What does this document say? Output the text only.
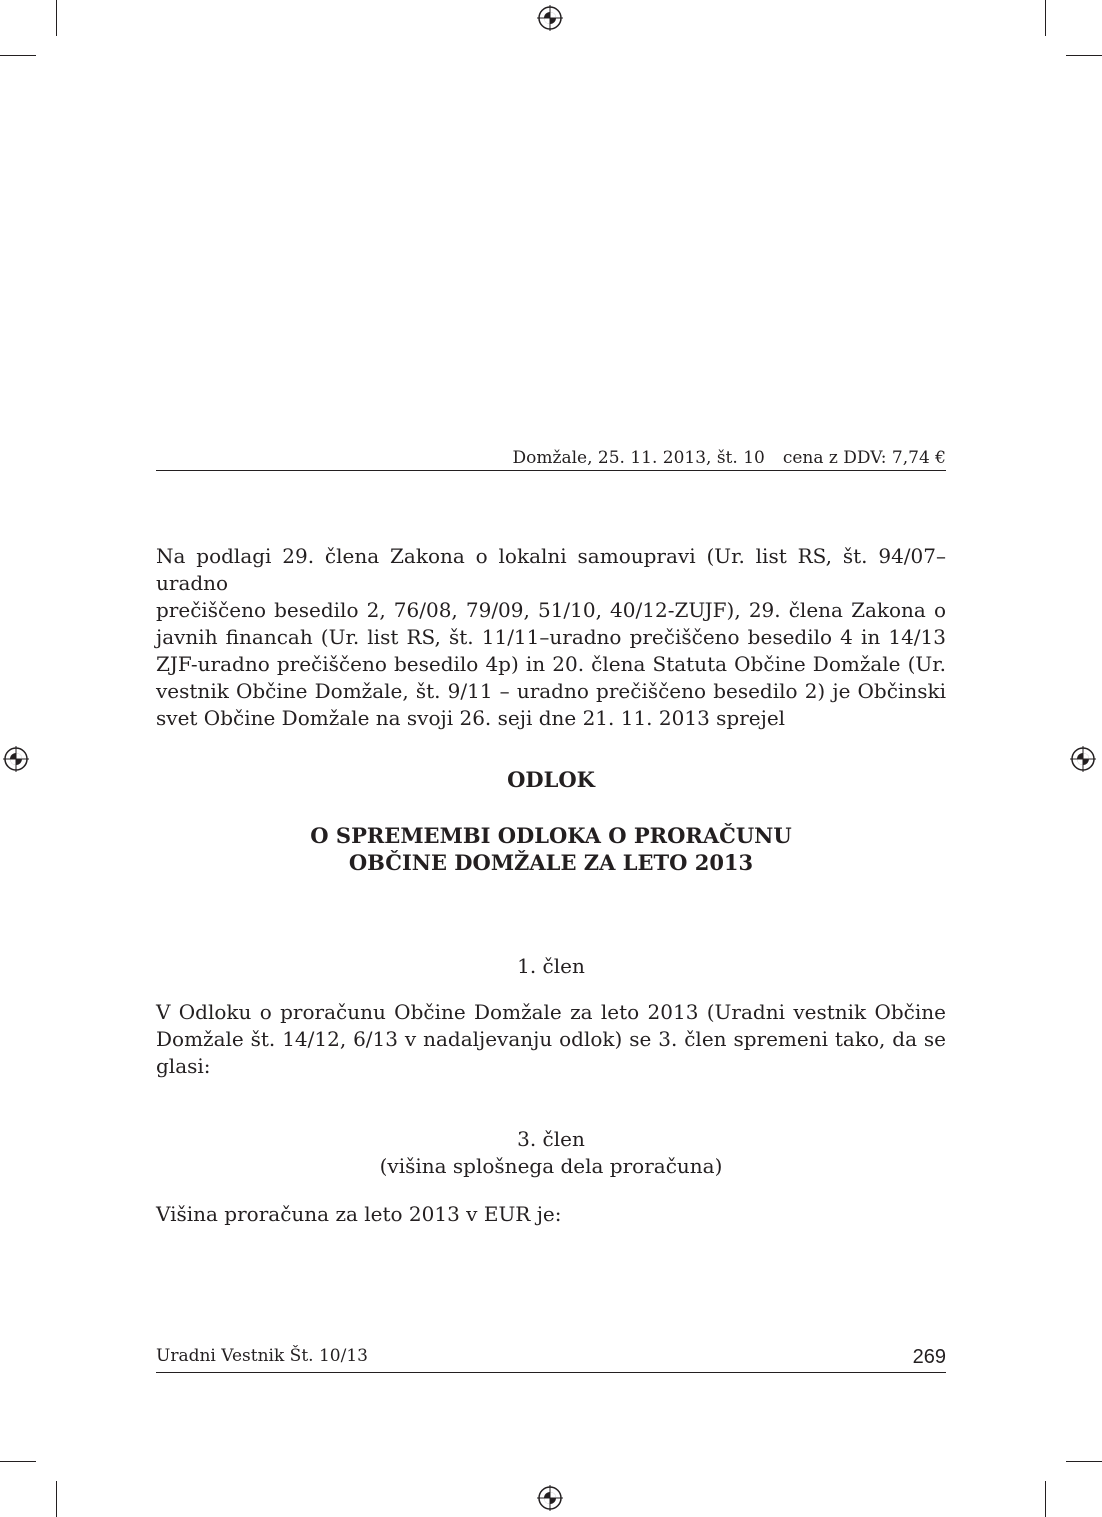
Domžale, 25. 11. 2013, št. 10 cena z DDV: 7,74 €
Na podlagi 29. člena Zakona o lokalni samoupravi (Ur. list RS, št. 94/07–uradno
prečiščeno besedilo 2, 76/08, 79/09, 51/10, 40/12-ZUJF), 29. člena Zakona o
javnih financah (Ur. list RS, št. 11/11–uradno prečiščeno besedilo 4 in 14/13
ZJF-uradno prečiščeno besedilo 4p) in 20. člena Statuta Občine Domžale (Ur.
vestnik Občine Domžale, št. 9/11 – uradno prečiščeno besedilo 2) je Občinski
svet Občine Domžale na svoji 26. seji dne 21. 11. 2013 sprejel
ODLOK
O SPREMEMBI ODLOKA O PRORAČUNU
OBČINE DOMŽALE ZA LETO 2013
1. člen
V Odloku o proračunu Občine Domžale za leto 2013 (Uradni vestnik Občine
Domžale št. 14/12, 6/13 v nadaljevanju odlok) se 3. člen spremeni tako, da se
glasi:
3. člen
(višina splošnega dela proračuna)
Višina proračuna za leto 2013 v EUR je:
Uradni Vestnik Št. 10/13	269
